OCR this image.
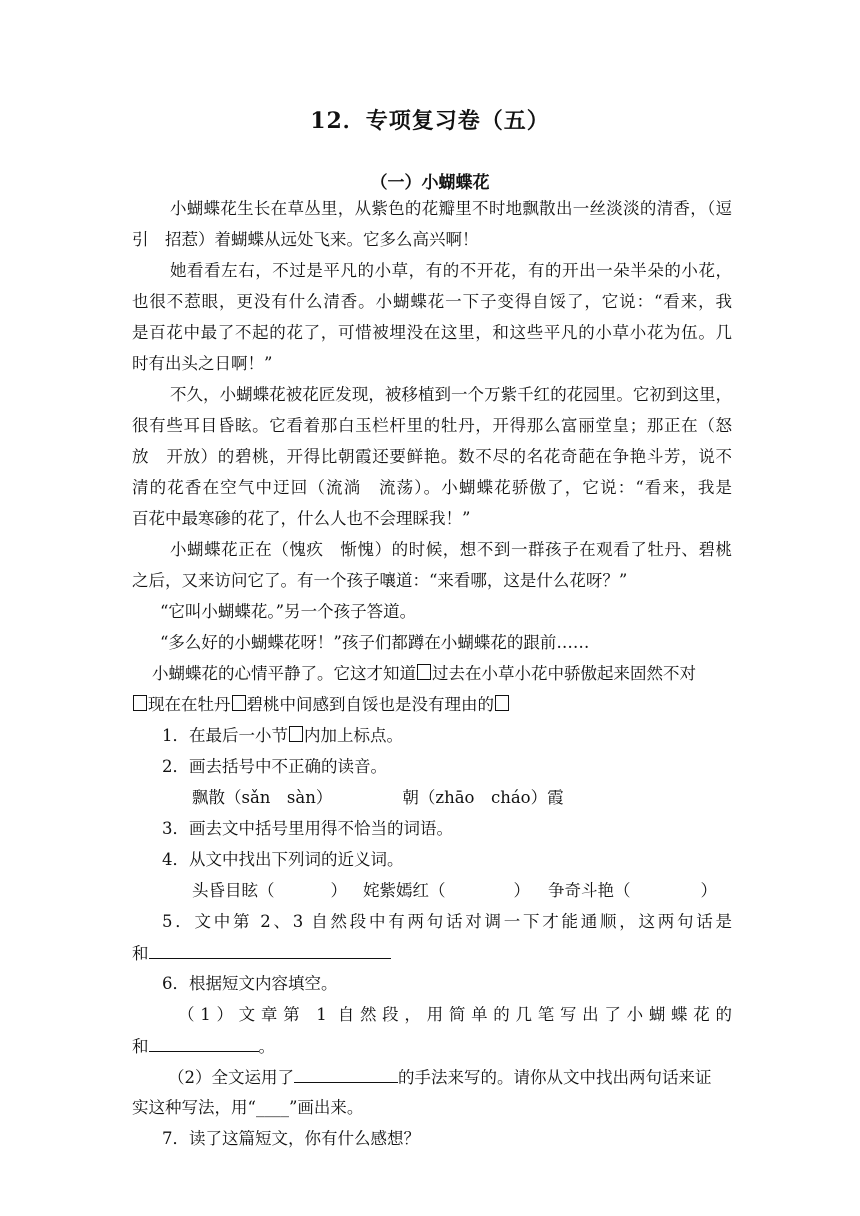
12．专项复习卷（五）
（一）小蝴蝶花
小蝴蝶花生长在草丛里，从紫色的花瓣里不时地飘散出一丝淡淡的清香，（逗
引　招惹）着蝴蝶从远处飞来。它多么高兴啊！
她看看左右，不过是平凡的小草，有的不开花，有的开出一朵半朵的小花，
也很不惹眼，更没有什么清香。小蝴蝶花一下子变得自馁了，它说：“看来，我
是百花中最了不起的花了，可惜被埋没在这里，和这些平凡的小草小花为伍。几
时有出头之日啊！”
不久，小蝴蝶花被花匠发现，被移植到一个万紫千红的花园里。它初到这里，
很有些耳目昏眩。它看着那白玉栏杆里的牡丹，开得那么富丽堂皇；那正在（怒
放　开放）的碧桃，开得比朝霞还要鲜艳。数不尽的名花奇葩在争艳斗芳，说不
清的花香在空气中迂回（流淌　流荡）。小蝴蝶花骄傲了，它说：“看来，我是
百花中最寒碜的花了，什么人也不会理睬我！”
小蝴蝶花正在（愧疚　惭愧）的时候，想不到一群孩子在观看了牡丹、碧桃
之后，又来访问它了。有一个孩子嚷道：“来看哪，这是什么花呀？”
“它叫小蝴蝶花。”另一个孩子答道。
“多么好的小蝴蝶花呀！”孩子们都蹲在小蝴蝶花的跟前……
小蝴蝶花的心情平静了。它这才知道 过去在小草小花中骄傲起来固然不对
现在在牡丹 碧桃中间感到自馁也是没有理由的
1．在最后一小节 内加上标点。
2．画去括号中不正确的读音。
飘散（sǎn　sàn）	朝（zhāo　cháo）霞
3．画去文中括号里用得不恰当的词语。
4．从文中找出下列词的近义词。
头昏目眩（	） 姹紫嫣红（	） 争奇斗艳（	）
5．文中第 2、3 自然段中有两句话对调一下才能通顺，这两句话是
和
6．根据短文内容填空。
（1）文章第 1 自然段，用简单的几笔写出了小蝴蝶花的
和	。
（2）全文运用了	的手法来写的。请你从文中找出两句话来证
实这种写法，用“____”画出来。
7．读了这篇短文，你有什么感想？
